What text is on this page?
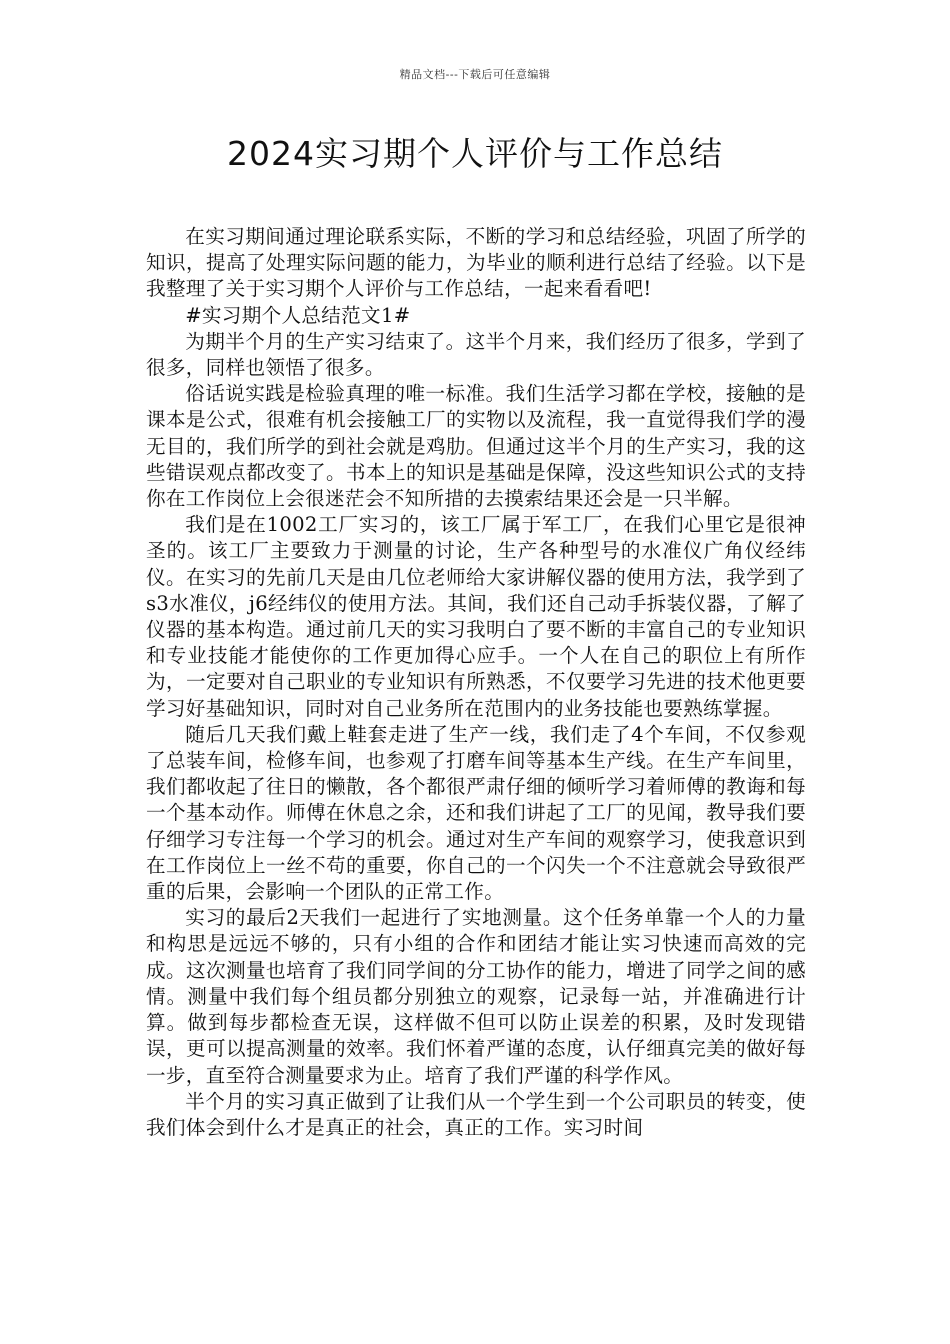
精品文档---下载后可任意编辑
2024实习期个人评价与工作总结

在实习期间通过理论联系实际，不断的学习和总结经验，巩固了所学的知识，提高了处理实际问题的能力，为毕业的顺利进行总结了经验。以下是我整理了关于实习期个人评价与工作总结，一起来看看吧!

#实习期个人总结范文1#

为期半个月的生产实习结束了。这半个月来，我们经历了很多，学到了很多，同样也领悟了很多。

俗话说实践是检验真理的唯一标准。我们生活学习都在学校，接触的是课本是公式，很难有机会接触工厂的实物以及流程，我一直觉得我们学的漫无目的，我们所学的到社会就是鸡肋。但通过这半个月的生产实习，我的这些错误观点都改变了。书本上的知识是基础是保障，没这些知识公式的支持你在工作岗位上会很迷茫会不知所措的去摸索结果还会是一只半解。

我们是在1002工厂实习的，该工厂属于军工厂，在我们心里它是很神圣的。该工厂主要致力于测量的讨论，生产各种型号的水准仪广角仪经纬仪。在实习的先前几天是由几位老师给大家讲解仪器的使用方法，我学到了s3水准仪，j6经纬仪的使用方法。其间，我们还自己动手拆装仪器，了解了仪器的基本构造。通过前几天的实习我明白了要不断的丰富自己的专业知识和专业技能才能使你的工作更加得心应手。一个人在自己的职位上有所作为，一定要对自己职业的专业知识有所熟悉，不仅要学习先进的技术他更要学习好基础知识，同时对自己业务所在范围内的业务技能也要熟练掌握。

随后几天我们戴上鞋套走进了生产一线，我们走了4个车间，不仅参观了总装车间，检修车间，也参观了打磨车间等基本生产线。在生产车间里，我们都收起了往日的懒散，各个都很严肃仔细的倾听学习着师傅的教诲和每一个基本动作。师傅在休息之余，还和我们讲起了工厂的见闻，教导我们要仔细学习专注每一个学习的机会。通过对生产车间的观察学习，使我意识到在工作岗位上一丝不苟的重要，你自己的一个闪失一个不注意就会导致很严重的后果，会影响一个团队的正常工作。

实习的最后2天我们一起进行了实地测量。这个任务单靠一个人的力量和构思是远远不够的，只有小组的合作和团结才能让实习快速而高效的完成。这次测量也培育了我们同学间的分工协作的能力，增进了同学之间的感情。测量中我们每个组员都分别独立的观察，记录每一站，并准确进行计算。做到每步都检查无误，这样做不但可以防止误差的积累，及时发现错误，更可以提高测量的效率。我们怀着严谨的态度，认仔细真完美的做好每一步，直至符合测量要求为止。培育了我们严谨的科学作风。

半个月的实习真正做到了让我们从一个学生到一个公司职员的转变，使我们体会到什么才是真正的社会，真正的工作。实习时间
